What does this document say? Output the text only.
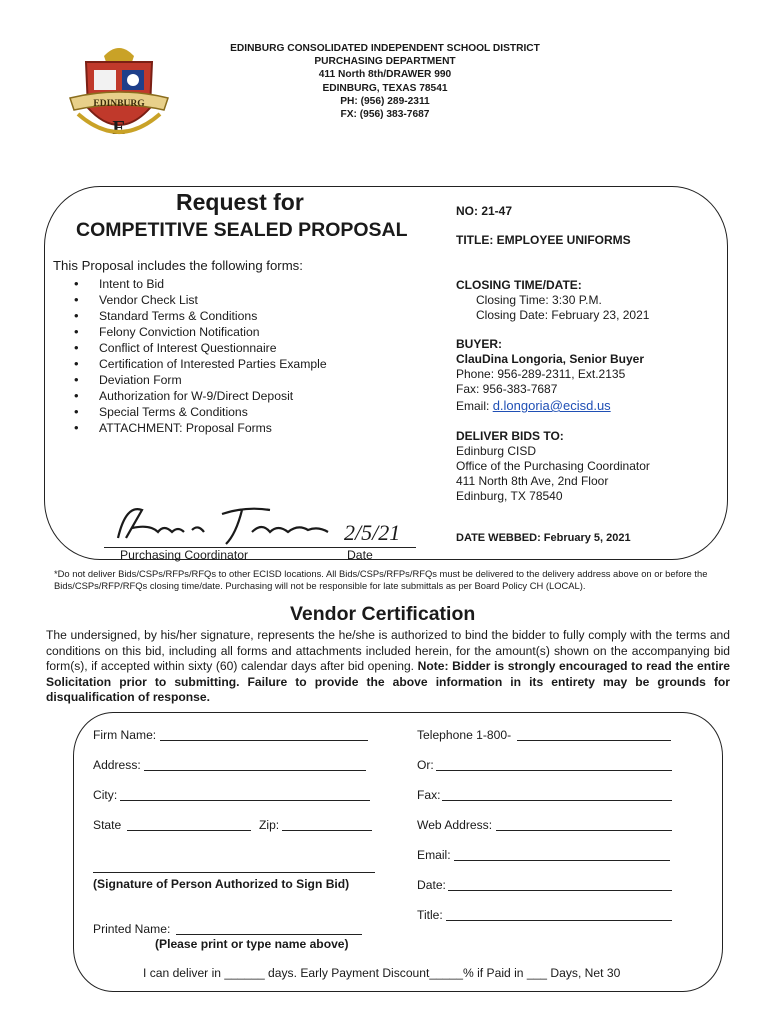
EDINBURG
E
EDINBURG CONSOLIDATED INDEPENDENT SCHOOL DISTRICT
PURCHASING DEPARTMENT
411 North 8th/DRAWER 990
EDINBURG, TEXAS 78541
PH: (956) 289-2311
FX: (956) 383-7687
Request for
COMPETITIVE SEALED PROPOSAL
This Proposal includes the following forms:
• Intent to Bid
• Vendor Check List
• Standard Terms & Conditions
• Felony Conviction Notification
• Conflict of Interest Questionnaire
• Certification of Interested Parties Example
• Deviation Form
• Authorization for W-9/Direct Deposit
• Special Terms & Conditions
• ATTACHMENT: Proposal Forms
NO: 21-47
TITLE: EMPLOYEE UNIFORMS
CLOSING TIME/DATE:
Closing Time: 3:30 P.M.
Closing Date: February 23, 2021
BUYER:
ClauDina Longoria, Senior Buyer
Phone: 956-289-2311, Ext.2135
Fax: 956-383-7687
Email: d.longoria@ecisd.us
DELIVER BIDS TO:
Edinburg CISD
Office of the Purchasing Coordinator
411 North 8th Ave, 2nd Floor
Edinburg, TX 78540
DATE WEBBED: February 5, 2021
2/5/21
Purchasing Coordinator	Date
*Do not deliver Bids/CSPs/RFPs/RFQs to other ECISD locations. All Bids/CSPs/RFPs/RFQs must be delivered to the delivery address above on or before the Bids/CSPs/RFP/RFQs closing time/date. Purchasing will not be responsible for late submittals as per Board Policy CH (LOCAL).
Vendor Certification
The undersigned, by his/her signature, represents the he/she is authorized to bind the bidder to fully comply with the terms and conditions on this bid, including all forms and attachments included herein, for the amount(s) shown on the accompanying bid form(s), if accepted within sixty (60) calendar days after bid opening. Note: Bidder is strongly encouraged to read the entire Solicitation prior to submitting. Failure to provide the above information in its entirety may be grounds for disqualification of response.
Firm Name:
Address:
City:
State	Zip:
(Signature of Person Authorized to Sign Bid)
Printed Name:
(Please print or type name above)
Telephone 1-800-
Or:
Fax:
Web Address:
Email:
Date:
Title:
I can deliver in ______ days. Early Payment Discount_____% if Paid in ___ Days, Net 30
